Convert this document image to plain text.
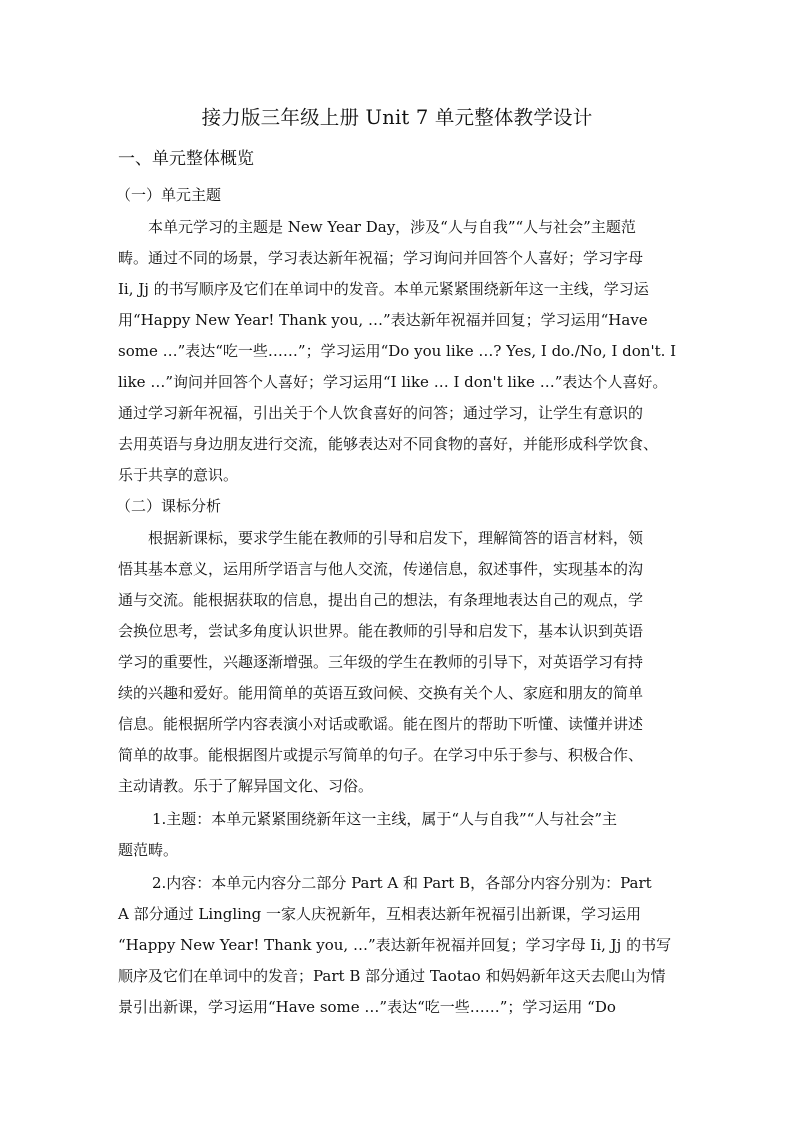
接力版三年级上册 Unit 7 单元整体教学设计
一、单元整体概览
（一）单元主题
本单元学习的主题是 New Year Day，涉及“人与自我”“人与社会”主题范
畴。通过不同的场景，学习表达新年祝福；学习询问并回答个人喜好；学习字母
Ii, Jj 的书写顺序及它们在单词中的发音。本单元紧紧围绕新年这一主线，学习运
用“Happy New Year! Thank you, …”表达新年祝福并回复；学习运用“Have
some …”表达“吃一些……”；学习运用“Do you like …? Yes, I do./No, I don't. I
like …”询问并回答个人喜好；学习运用“I like … I don't like …”表达个人喜好。
通过学习新年祝福，引出关于个人饮食喜好的问答；通过学习，让学生有意识的
去用英语与身边朋友进行交流，能够表达对不同食物的喜好，并能形成科学饮食、
乐于共享的意识。
（二）课标分析
根据新课标，要求学生能在教师的引导和启发下，理解简答的语言材料，领
悟其基本意义，运用所学语言与他人交流，传递信息，叙述事件，实现基本的沟
通与交流。能根据获取的信息，提出自己的想法，有条理地表达自己的观点，学
会换位思考，尝试多角度认识世界。能在教师的引导和启发下，基本认识到英语
学习的重要性，兴趣逐渐增强。三年级的学生在教师的引导下，对英语学习有持
续的兴趣和爱好。能用简单的英语互致问候、交换有关个人、家庭和朋友的简单
信息。能根据所学内容表演小对话或歌谣。能在图片的帮助下听懂、读懂并讲述
简单的故事。能根据图片或提示写简单的句子。在学习中乐于参与、积极合作、
主动请教。乐于了解异国文化、习俗。
1.主题：本单元紧紧围绕新年这一主线，属于“人与自我”“人与社会”主
题范畴。
2.内容：本单元内容分二部分 Part A 和 Part B，各部分内容分别为：Part
A 部分通过 Lingling 一家人庆祝新年，互相表达新年祝福引出新课，学习运用
“Happy New Year! Thank you, …”表达新年祝福并回复；学习字母 Ii, Jj 的书写
顺序及它们在单词中的发音；Part B 部分通过 Taotao 和妈妈新年这天去爬山为情
景引出新课，学习运用“Have some …”表达“吃一些……”；学习运用 “Do
